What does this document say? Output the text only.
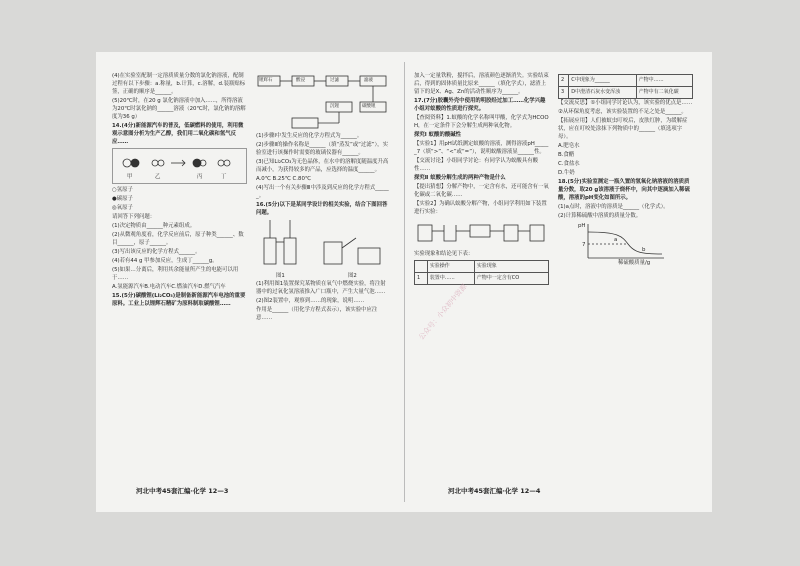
(4)在实验室配制一定溶质质量分数的氯化钠溶液，配制过程有以下步骤：a.称量，b.计算，c.溶解，d.装瓶贴标签，正确的顺序是______。

(5)20℃时，在20 g 氯化钠溶液中加入......，所得溶液为20℃时氯化钠的______溶液（20℃时，氯化钠的溶解度为36 g）

14.(4分)新能源汽车的普及，低碳燃料的使用，利用微观示意图分析为生产乙醇，我们用二氧化碳和氢气反应……

甲	乙	丙	丁

○氢原子

●碳原子

◎氧原子

请回答下列问题：

(1)决定物质由______种元素组成。

(2)从微观角度看，化学反应前后，原子种类______、数目______，原子______。

(3)写出该反应的化学方程式______。

(4)若有44 g 甲参加反应，生成丁______g。

(5)如果…分离后，利用其余能量所产生的电能可以用于……

A.氢能源汽车B.电动汽车C.燃油汽车D.燃气汽车

15.(5分)碳酸锂(Li₂CO₃)是制备新能源汽车电池的重要原料。工业上以锂辉石精矿为原料制取碳酸锂……

河北中考45套汇编·化学 12—3
锂辉石	酸浸	过滤	滤液
沉锂	碳酸锂

(1)步骤Ⅰ中发生反应的化学方程式为______。

(2)步骤Ⅱ的操作名称是______（填“蒸发”或“过滤”），实验室进行该操作时需要的玻璃仪器有______。

(3)已知Li₂CO₃为无色晶体，在水中的溶解度随温度升高而减小，为获得较多的产品，应选择的温度______。

A.0℃ B.25℃ C.80℃

(4)写出一个有关步骤Ⅲ中涉及到反应的化学方程式______。

16.(5分)以下是某同学设计的相关实验，结合下图回答问题。

图1	图2

(1)利用图1装置探究某物质在氧气中燃烧实验，将注射器中的过氧化氢溶液推入广口瓶中，产生大量气泡……

(2)图2装置中，观察到……的现象，说明……

作用是______（用化学方程式表示），该实验中应注意……

加入一定量铁粉，搅拌后，溶液颜色逐渐消失。实验结束后，得到的固体质量比原来______（填化学式），滤渣上留下的是X、Ag、Zn的活动性顺序为______。

17.(7分)胶囊外壳中使用的明胶经过加工……化学兴趣小组对蚁酸的性质进行探究。

【查阅资料】1.蚁酸的化学名称叫甲酸，化学式为HCOOH，在一定条件下会分解生成两种氧化物。

探究Ⅰ 蚁酸的酸碱性

【实验1】用pH试纸测定蚁酸的溶液，测得溶液pH______7（填“>”、“<”或“=”），说明蚁酸溶液显______性。

【交流讨论】小组同学讨论：有同学认为蚁酸具有酸性……

探究Ⅱ 蚁酸分解生成的两种产物是什么

【提出猜想】分解产物中，一定含有水，还可能含有一氧化碳或二氧化碳……

【实验2】为确认蚁酸分解产物，小组同学利用如下装置进行实验：

实验现象和结论见下表：

	实验操作	实验现象
1	装置中……	产物中一定含有CO
河北中考45套汇编·化学 12—4
2	C中现象为______	产物中……
3	D中澄清石灰水变浑浊	产物中有二氧化碳

【交流反思】①小组同学讨论认为，该实验的优点是……

②从环保角度考虑，该实验装置的不足之处是______。

【拓展应用】人们被蚁虫叮咬后，皮肤红肿，为缓解症状，应在叮咬处涂抹下列物质中的______（填选项字母）。

A.肥皂水

B.食醋

C.食盐水

D.牛奶

18.(5分)实验室测定一瓶久置的氢氧化钠溶液的溶质质量分数，取20 g该溶液于烧杯中，向其中逐滴加入稀硫酸，溶液的pH变化如图所示。

(1)a点时，溶液中的溶质是______（化学式）。

(2)计算稀硫酸中溶质的质量分数。

pH
7
a
b
稀硫酸质量/g
公众号：小众初中资源
